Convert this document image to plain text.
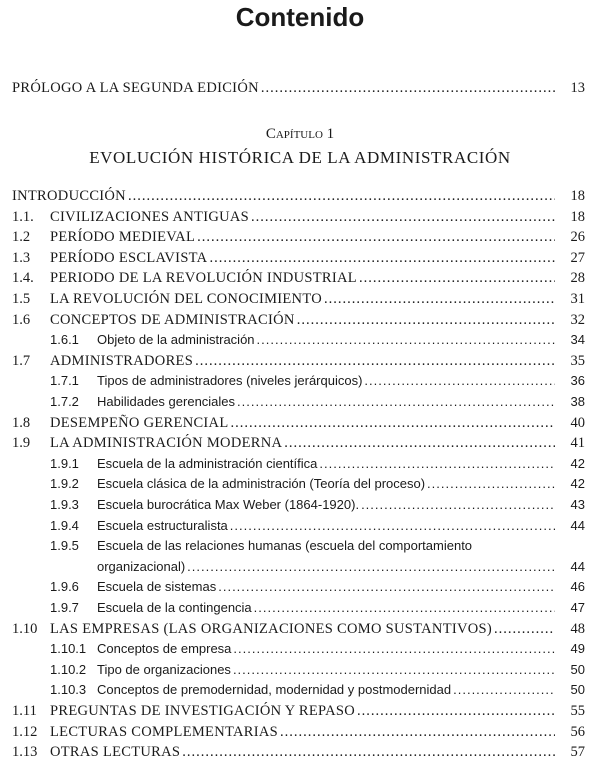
Contenido
PRÓLOGO A LA SEGUNDA EDICIÓN .....	13
Capítulo 1
EVOLUCIÓN HISTÓRICA DE LA ADMINISTRACIÓN
INTRODUCCIÓN .....	18
1.1. CIVILIZACIONES ANTIGUAS .....	18
1.2 PERÍODO MEDIEVAL .....	26
1.3 PERÍODO ESCLAVISTA .....	27
1.4. PERIODO DE LA REVOLUCIÓN INDUSTRIAL .....	28
1.5 LA REVOLUCIÓN DEL CONOCIMIENTO .....	31
1.6 CONCEPTOS DE ADMINISTRACIÓN .....	32
1.6.1 Objeto de la administración .....	34
1.7 ADMINISTRADORES .....	35
1.7.1 Tipos de administradores (niveles jerárquicos) .....	36
1.7.2 Habilidades gerenciales .....	38
1.8 DESEMPEÑO GERENCIAL .....	40
1.9 LA ADMINISTRACIÓN MODERNA .....	41
1.9.1 Escuela de la administración científica .....	42
1.9.2 Escuela clásica de la administración (Teoría del proceso) .....	42
1.9.3 Escuela burocrática Max Weber (1864-1920). .....	43
1.9.4 Escuela estructuralista .....	44
1.9.5 Escuela de las relaciones humanas (escuela del comportamiento
organizacional) .....	44
1.9.6 Escuela de sistemas .....	46
1.9.7 Escuela de la contingencia .....	47
1.10 LAS EMPRESAS (LAS ORGANIZACIONES COMO SUSTANTIVOS) .....	48
1.10.1 Conceptos de empresa .....	49
1.10.2 Tipo de organizaciones .....	50
1.10.3 Conceptos de premodernidad, modernidad y postmodernidad .....	50
1.11 PREGUNTAS DE INVESTIGACIÓN Y REPASO .....	55
1.12 LECTURAS COMPLEMENTARIAS .....	56
1.13 OTRAS LECTURAS .....	57
